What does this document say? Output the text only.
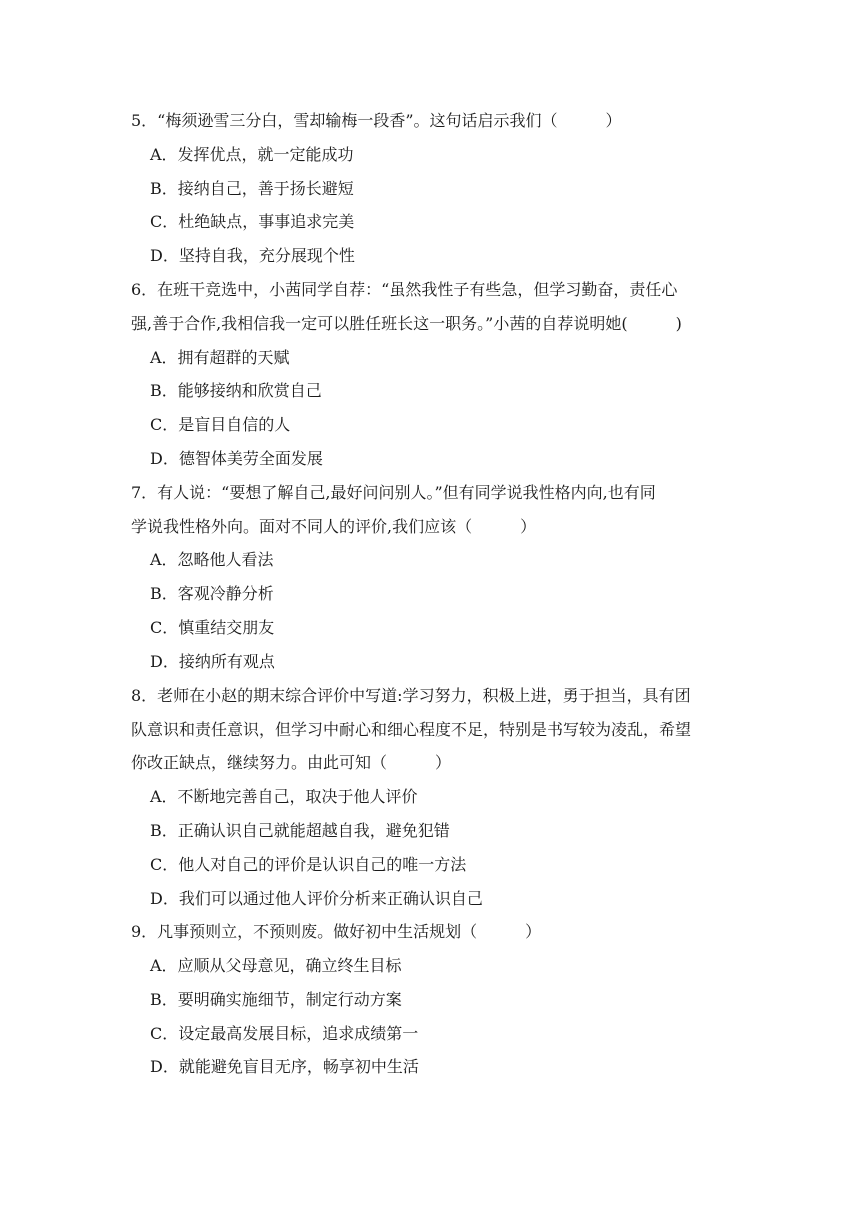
5．“梅须逊雪三分白，雪却输梅一段香”。这句话启示我们（　　　）
A．发挥优点，就一定能成功
B．接纳自己，善于扬长避短
C．杜绝缺点，事事追求完美
D．坚持自我，充分展现个性
6．在班干竞选中，小茜同学自荐：“虽然我性子有些急，但学习勤奋，责任心
强,善于合作,我相信我一定可以胜任班长这一职务。”小茜的自荐说明她(　　　)
A．拥有超群的天赋
B．能够接纳和欣赏自己
C．是盲目自信的人
D．德智体美劳全面发展
7．有人说：“要想了解自己,最好问问别人。”但有同学说我性格内向,也有同
学说我性格外向。面对不同人的评价,我们应该（　　　）
A．忽略他人看法
B．客观冷静分析
C．慎重结交朋友
D．接纳所有观点
8．老师在小赵的期末综合评价中写道:学习努力，积极上进，勇于担当，具有团
队意识和责任意识，但学习中耐心和细心程度不足，特别是书写较为凌乱，希望
你改正缺点，继续努力。由此可知（　　　）
A．不断地完善自己，取决于他人评价
B．正确认识自己就能超越自我，避免犯错
C．他人对自己的评价是认识自己的唯一方法
D．我们可以通过他人评价分析来正确认识自己
9．凡事预则立，不预则废。做好初中生活规划（　　　）
A．应顺从父母意见，确立终生目标
B．要明确实施细节，制定行动方案
C．设定最高发展目标，追求成绩第一
D．就能避免盲目无序，畅享初中生活
